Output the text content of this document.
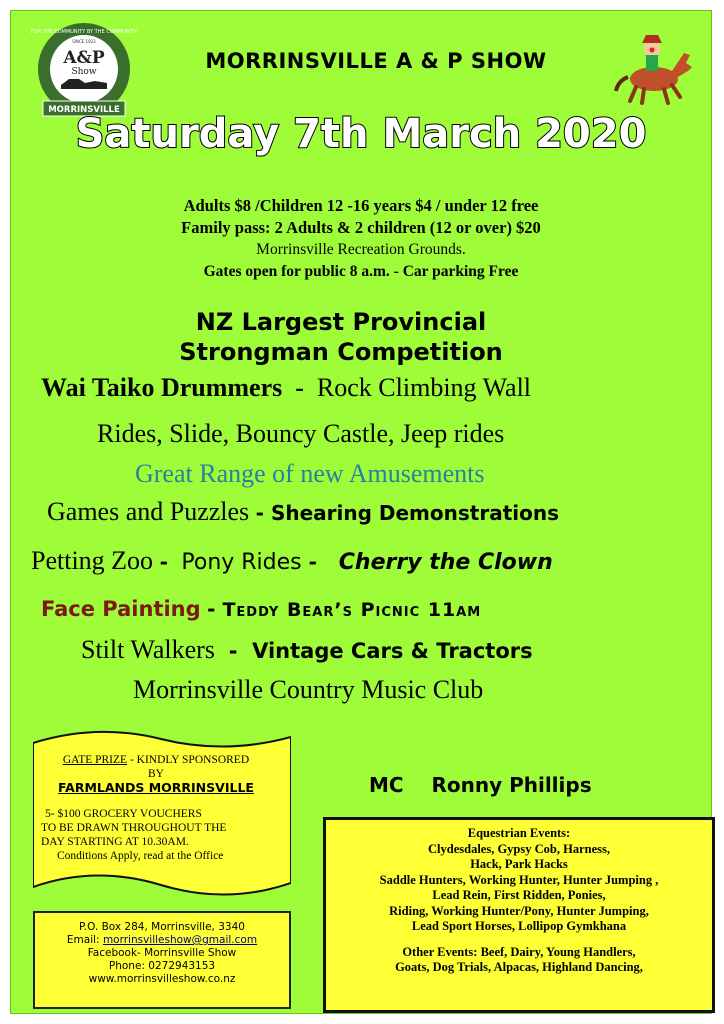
FOR THE COMMUNITY BY THE COMMUNITY
SINCE 1922
A&P
Show
MORRINSVILLE
MORRINSVILLE A & P SHOW
Saturday 7th March 2020
Adults $8 /Children 12 -16 years $4 / under 12 free
Family pass: 2 Adults & 2 children (12 or over) $20
Morrinsville Recreation Grounds.
Gates open for public 8 a.m. - Car parking Free
NZ Largest Provincial
Strongman Competition
Wai Taiko Drummers - Rock Climbing Wall
Rides, Slide, Bouncy Castle, Jeep rides
Great Range of new Amusements
Games and Puzzles - Shearing Demonstrations
Petting Zoo - Pony Rides - Cherry the Clown
Face Painting - Teddy Bear’s Picnic 11am
Stilt Walkers - Vintage Cars & Tractors
Morrinsville Country Music Club
GATE PRIZE - KINDLY SPONSORED
BY
FARMLANDS MORRINSVILLE
5- $100 GROCERY VOUCHERS
TO BE DRAWN THROUGHOUT THE
DAY STARTING AT 10.30AM.
Conditions Apply, read at the Office
MC Ronny Phillips
P.O. Box 284, Morrinsville, 3340
Email: morrinsvilleshow@gmail.com
Facebook- Morrinsville Show
Phone: 0272943153
www.morrinsvilleshow.co.nz
Equestrian Events:
Clydesdales, Gypsy Cob, Harness,
Hack, Park Hacks
Saddle Hunters, Working Hunter, Hunter Jumping ,
Lead Rein, First Ridden, Ponies,
Riding, Working Hunter/Pony, Hunter Jumping,
Lead Sport Horses, Lollipop Gymkhana
Other Events: Beef, Dairy, Young Handlers,
Goats, Dog Trials, Alpacas, Highland Dancing,
